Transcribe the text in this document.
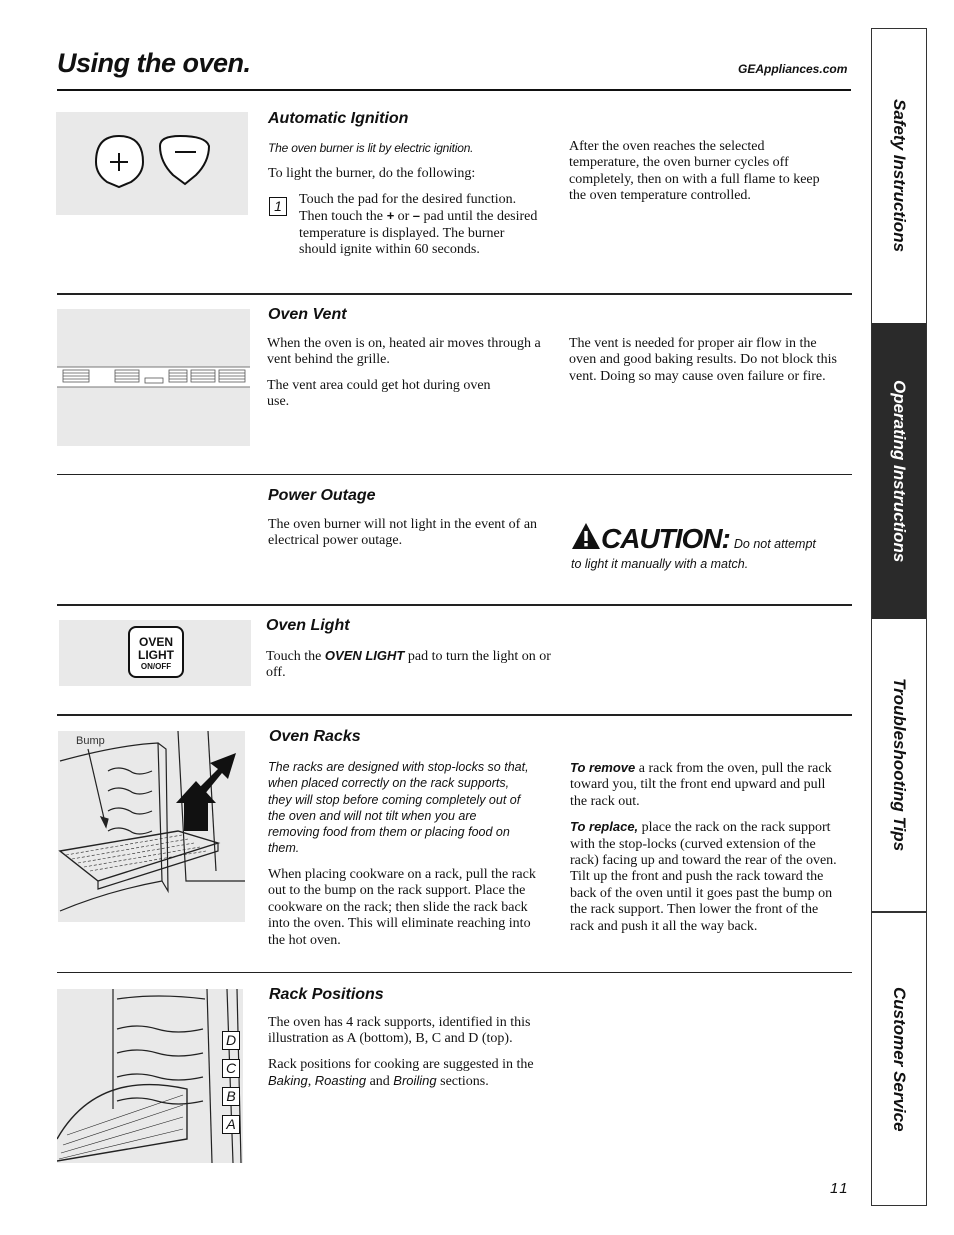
Using the oven.	GEAppliances.com
Automatic Ignition
The oven burner is lit by electric ignition.
To light the burner, do the following:
1	Touch the pad for the desired function. Then touch the + or – pad until the desired temperature is displayed. The burner should ignite within 60 seconds.
After the oven reaches the selected temperature, the oven burner cycles off completely, then on with a full flame to keep the oven temperature controlled.
Oven Vent

When the oven is on, heated air moves through a vent behind the grille.

The vent area could get hot during oven use.

The vent is needed for proper air flow in the oven and good baking results. Do not block this vent. Doing so may cause oven failure or fire.
Power Outage
The oven burner will not light in the event of an electrical power outage.	CAUTION: Do not attempt
to light it manually with a match.
OVEN
LIGHT
ON/OFF
Oven Light
Touch the OVEN LIGHT pad to turn the light on or off.
Bump	Oven Racks
The racks are designed with stop-locks so that, when placed correctly on the rack supports, they will stop before coming completely out of the oven and will not tilt when you are removing food from them or placing food on them.
When placing cookware on a rack, pull the rack out to the bump on the rack support. Place the cookware on the rack; then slide the rack back into the oven. This will eliminate reaching into the hot oven.

To remove a rack from the oven, pull the rack toward you, tilt the front end upward and pull the rack out.

To replace, place the rack on the rack support with the stop-locks (curved extension of the rack) facing up and toward the rear of the oven. Tilt up the front and push the rack toward the back of the oven until it goes past the bump on the rack support. Then lower the front of the rack and push it all the way back.

D
C
B
A
Rack Positions

The oven has 4 rack supports, identified in this illustration as A (bottom), B, C and D (top).

Rack positions for cooking are suggested in the Baking, Roasting and Broiling sections.

Safety Instructions
Operating Instructions
Troubleshooting Tips
Customer Service
11
